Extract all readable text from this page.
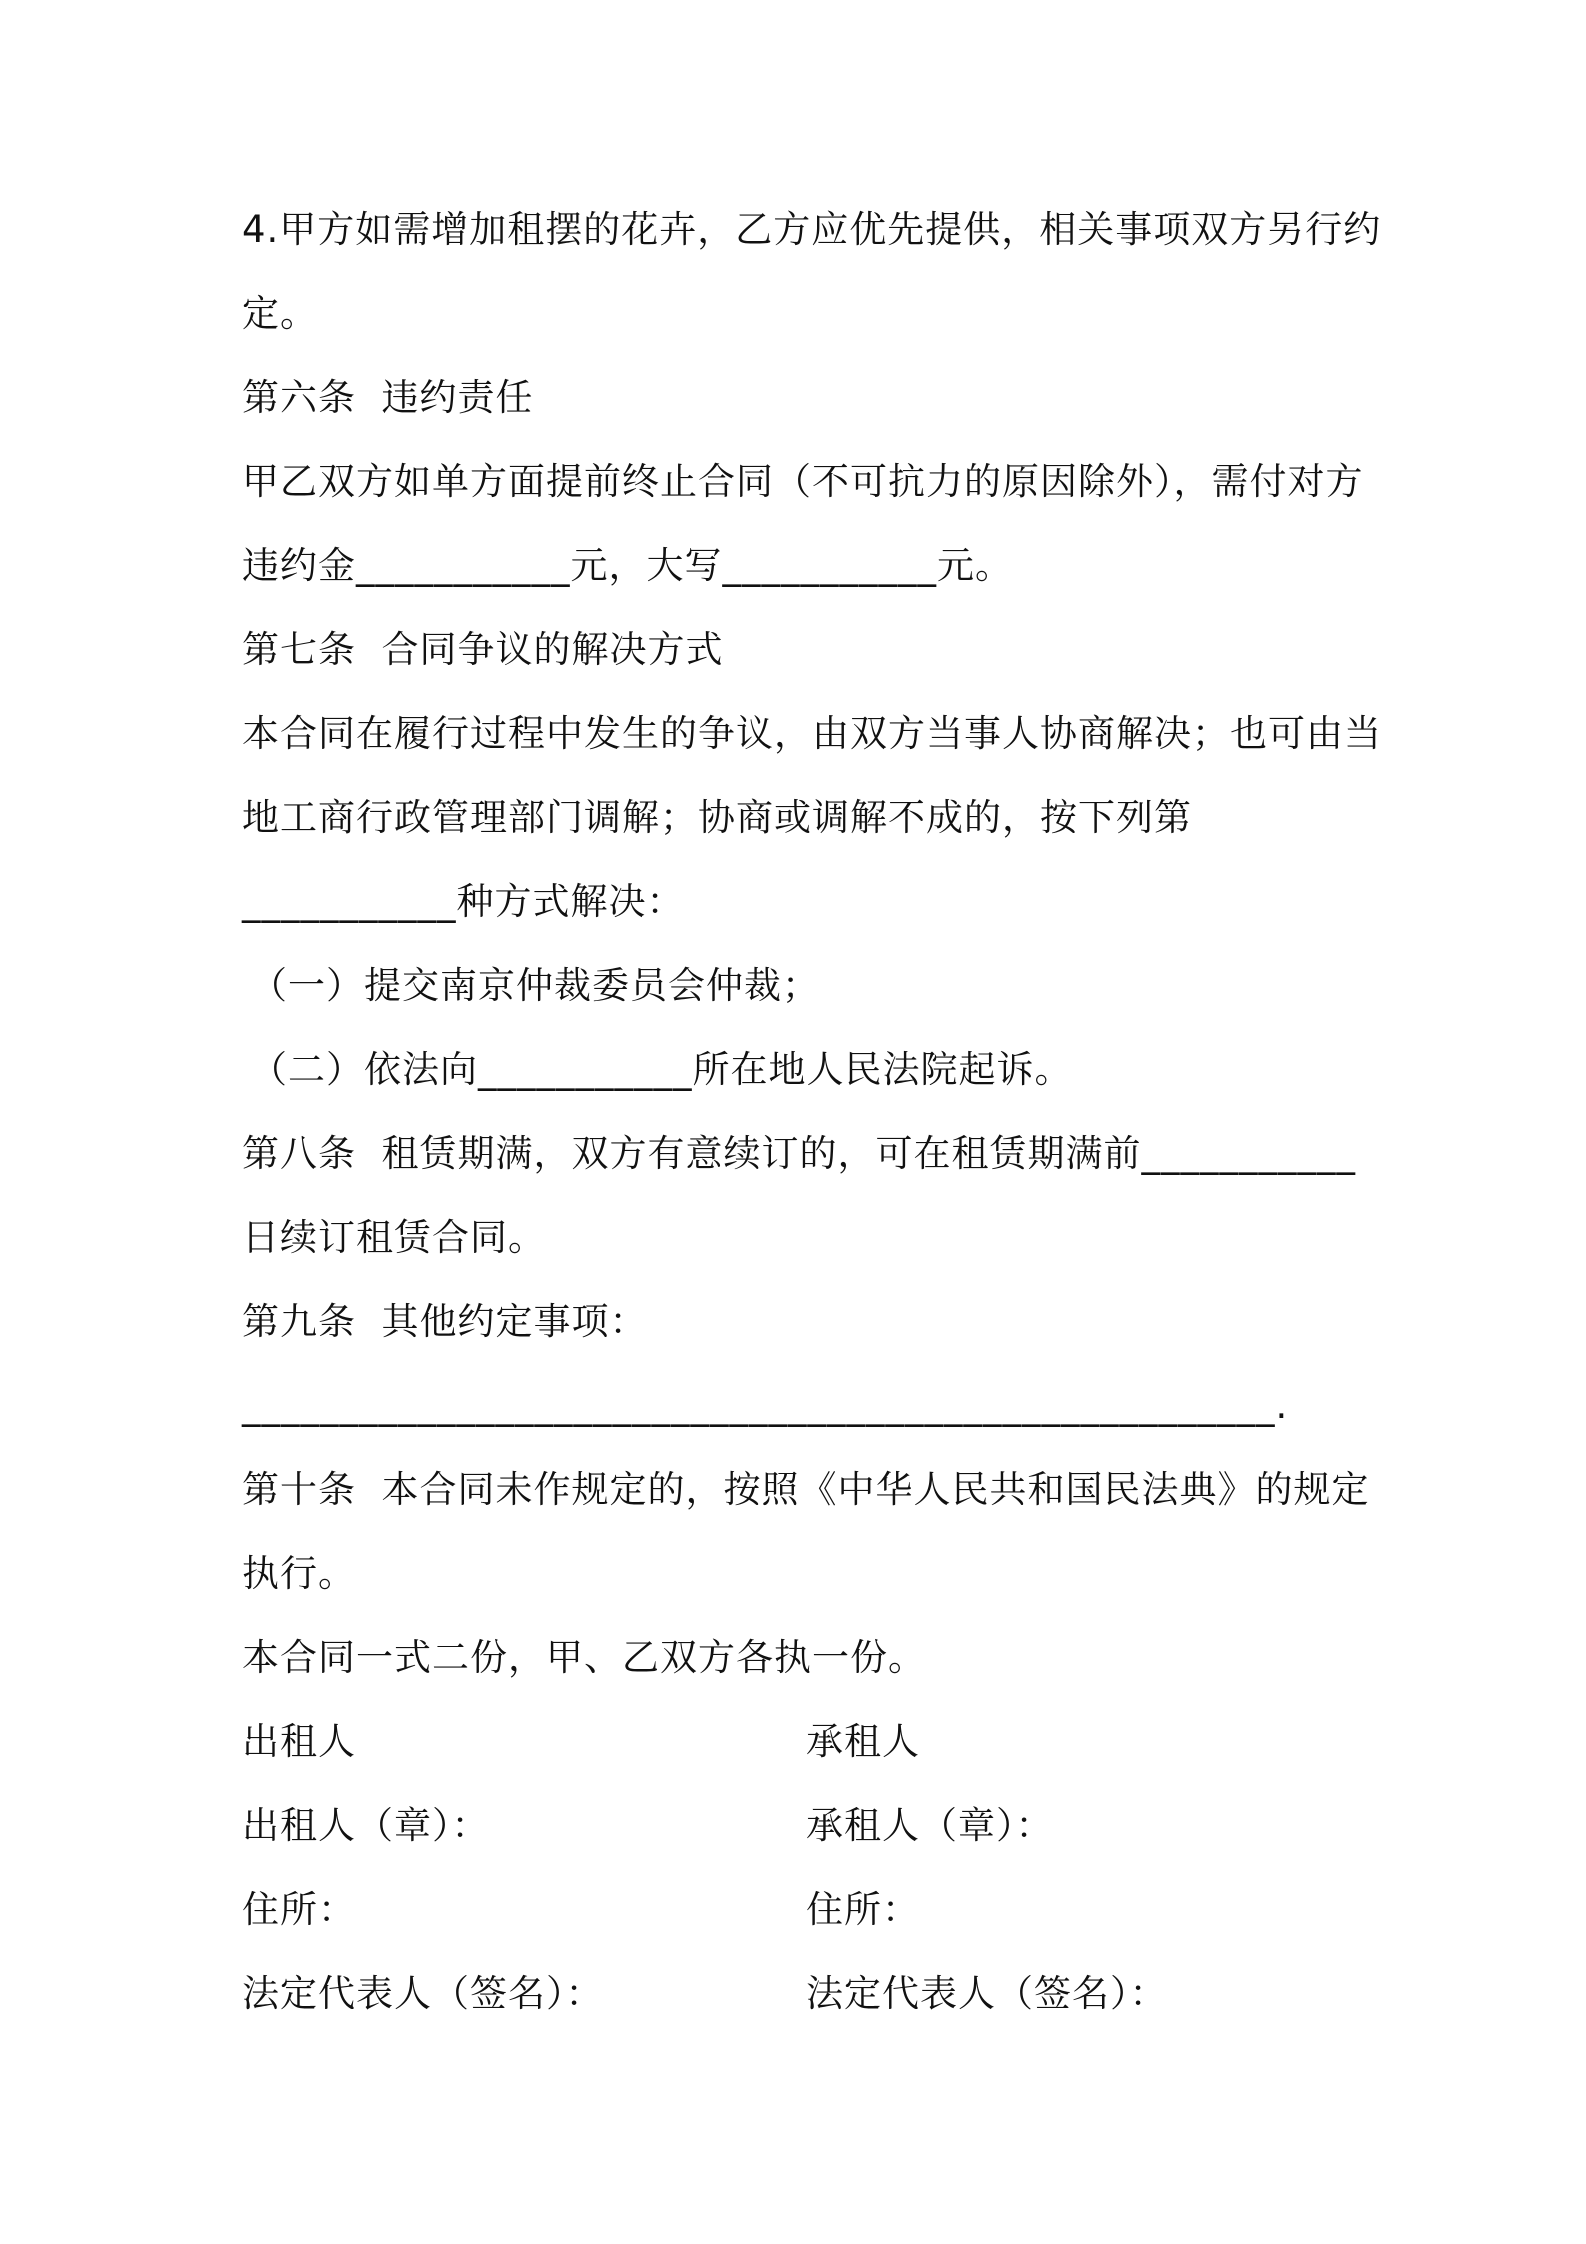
4.甲方如需增加租摆的花卉，乙方应优先提供，相关事项双方另行约
定。
第六条  违约责任
甲乙双方如单方面提前终止合同（不可抗力的原因除外），需付对方
违约金___________元，大写___________元。
第七条  合同争议的解决方式
本合同在履行过程中发生的争议，由双方当事人协商解决；也可由当
地工商行政管理部门调解；协商或调解不成的，按下列第
___________种方式解决：
（一）提交南京仲裁委员会仲裁；
（二）依法向___________所在地人民法院起诉。
第八条  租赁期满，双方有意续订的，可在租赁期满前___________
日续订租赁合同。
第九条  其他约定事项：
_____________________________________________________.
第十条  本合同未作规定的，按照《中华人民共和国民法典》的规定
执行。
本合同一式二份，甲、乙双方各执一份。
出租人	承租人
出租人（章）：	承租人（章）：
住所：	住所：
法定代表人（签名）：	法定代表人（签名）：
